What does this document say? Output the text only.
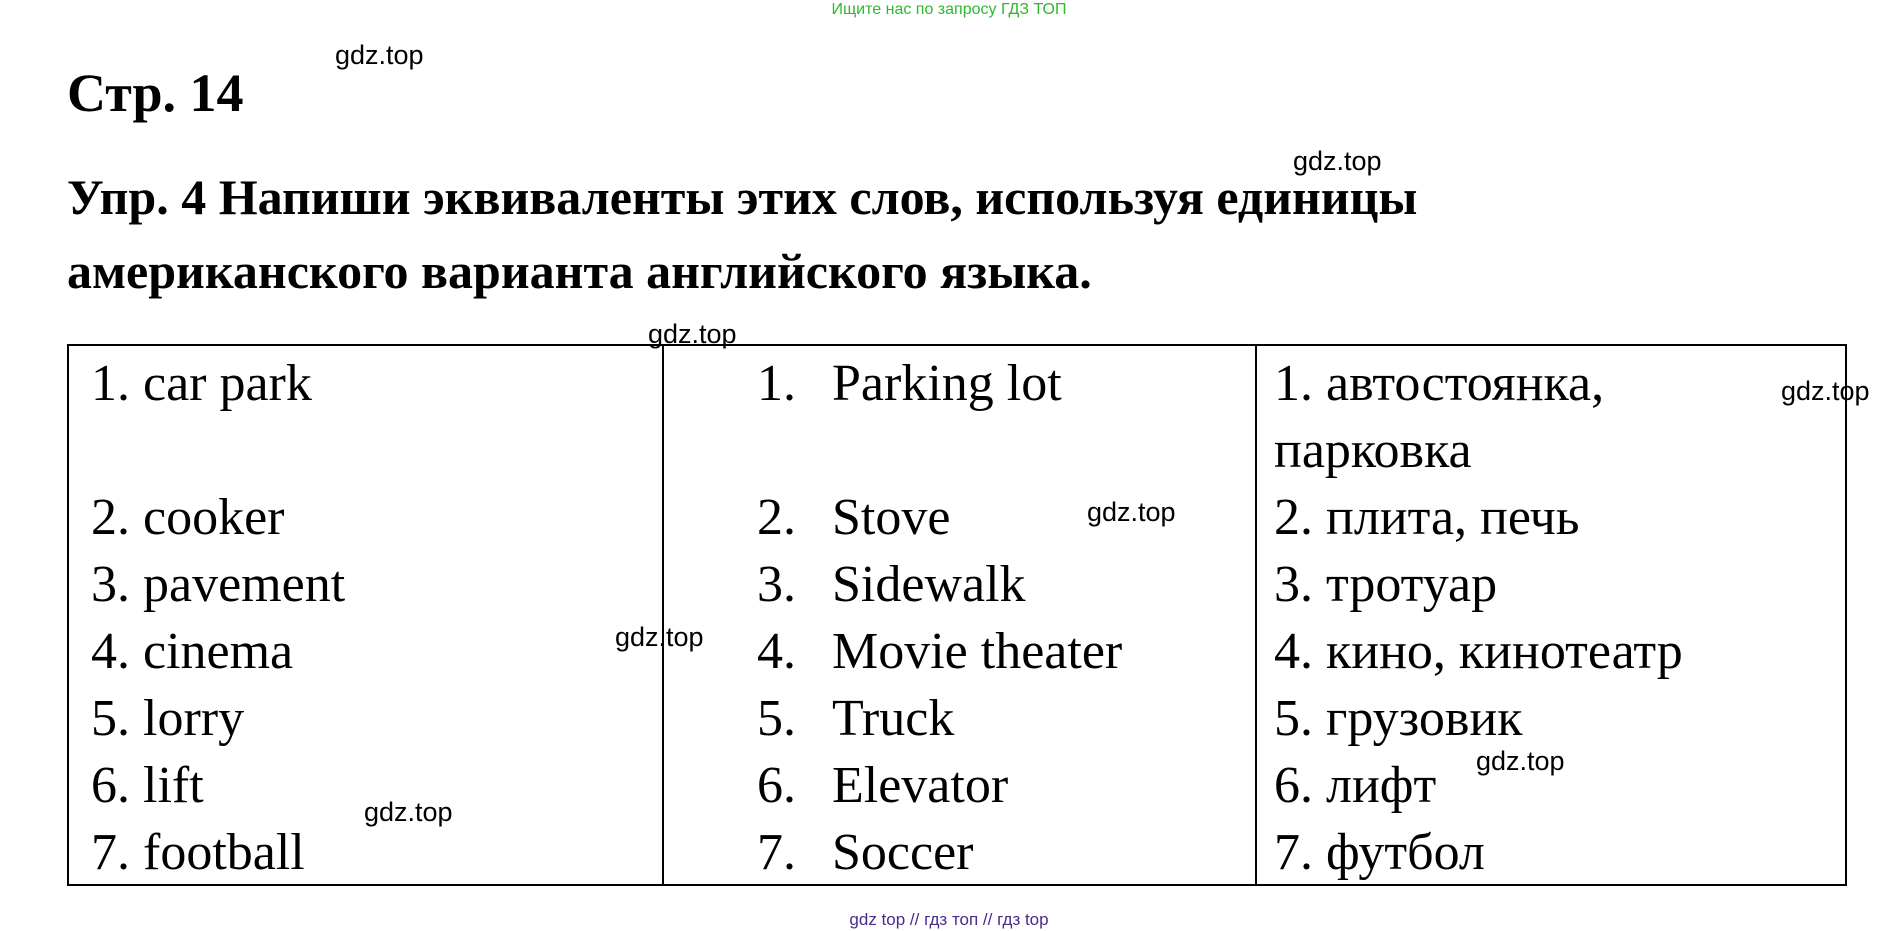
Ищите нас по запросу ГДЗ ТОП
Стр. 14
Упр. 4 Напиши эквиваленты этих слов, используя единицы
американского варианта английского языка.
1. car park
2. cooker
3. pavement
4. cinema
5. lorry
6. lift
7. football
1. Parking lot
2. Stove
3. Sidewalk
4. Movie theater
5. Truck
6. Elevator
7. Soccer
1. автостоянка,
парковка
2. плита, печь
3. тротуар
4. кино, кинотеатр
5. грузовик
6. лифт
7. футбол
gdz.top
gdz.top
gdz.top
gdz.top
gdz.top
gdz.top
gdz.top
gdz.top
gdz top // гдз топ // гдз top
